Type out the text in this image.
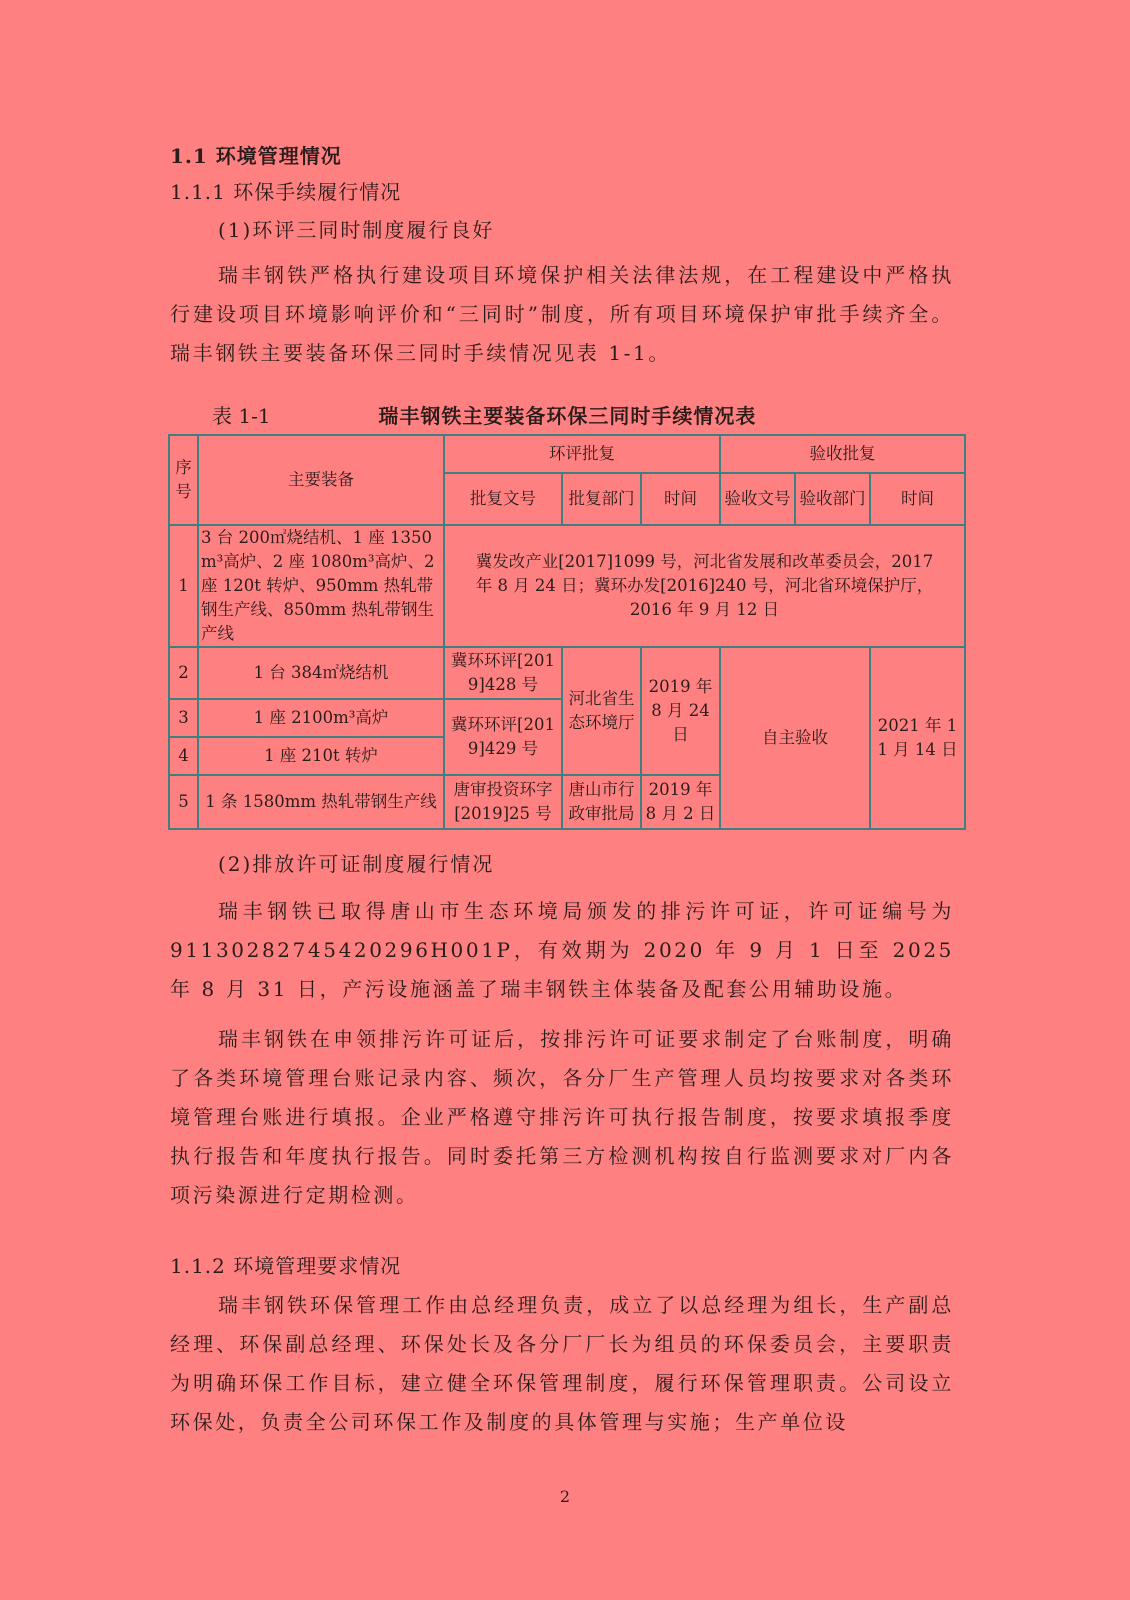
1.1 环境管理情况
1.1.1 环保手续履行情况
(1)环评三同时制度履行良好
瑞丰钢铁严格执行建设项目环境保护相关法律法规，在工程建设中严格执行建设项目环境影响评价和“三同时”制度，所有项目环境保护审批手续齐全。瑞丰钢铁主要装备环保三同时手续情况见表 1-1。
表 1-1	瑞丰钢铁主要装备环保三同时手续情况表
序号	主要装备	环评批复			验收批复		
		批复文号	批复部门	时间	验收文号	验收部门	时间
1	3 台 200㎡烧结机、1 座 1350m³高炉、2 座 1080m³高炉、2 座 120t 转炉、950mm 热轧带钢生产线、850mm 热轧带钢生产线	冀发改产业[2017]1099 号，河北省发展和改革委员会，2017 年 8 月 24 日；冀环办发[2016]240 号，河北省环境保护厅，2016 年 9 月 12 日					
2	1 台 384㎡烧结机	冀环环评[2019]428 号	河北省生态环境厅	2019 年 8 月 24 日	自主验收		2021 年 11 月 14 日
3	1 座 2100m³高炉	冀环环评[2019]429 号					
4	1 座 210t 转炉						
5	1 条 1580mm 热轧带钢生产线	唐审投资环字[2019]25 号	唐山市行政审批局	2019 年 8 月 2 日			
(2)排放许可证制度履行情况
瑞丰钢铁已取得唐山市生态环境局颁发的排污许可证，许可证编号为 91130282745420296H001P，有效期为 2020 年 9 月 1 日至 2025 年 8 月 31 日，产污设施涵盖了瑞丰钢铁主体装备及配套公用辅助设施。
瑞丰钢铁在申领排污许可证后，按排污许可证要求制定了台账制度，明确了各类环境管理台账记录内容、频次，各分厂生产管理人员均按要求对各类环境管理台账进行填报。企业严格遵守排污许可执行报告制度，按要求填报季度执行报告和年度执行报告。同时委托第三方检测机构按自行监测要求对厂内各项污染源进行定期检测。
1.1.2 环境管理要求情况
瑞丰钢铁环保管理工作由总经理负责，成立了以总经理为组长，生产副总经理、环保副总经理、环保处长及各分厂厂长为组员的环保委员会，主要职责为明确环保工作目标，建立健全环保管理制度，履行环保管理职责。公司设立环保处，负责全公司环保工作及制度的具体管理与实施；生产单位设
2
